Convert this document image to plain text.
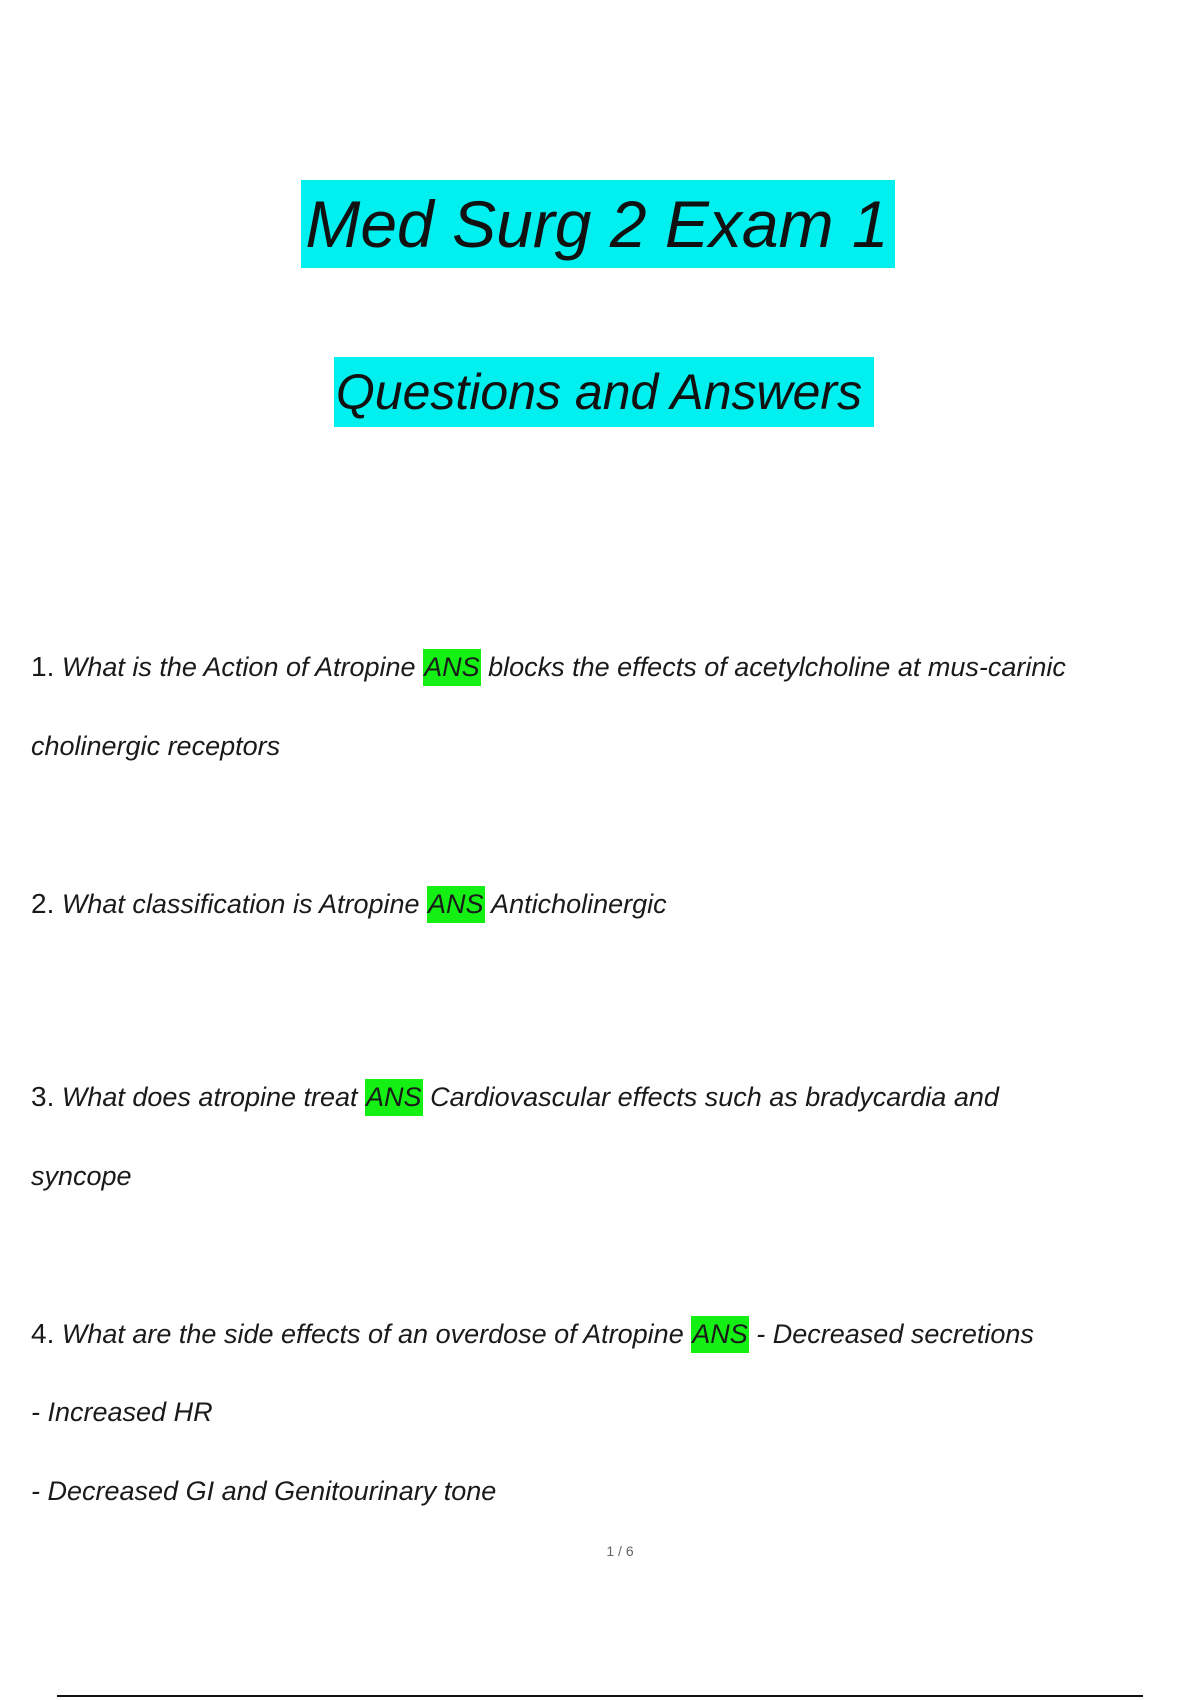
Med Surg 2 Exam 1
Questions and Answers
1. What is the Action of Atropine ANS blocks the effects of acetylcholine at mus-carinic
cholinergic receptors
2. What classification is Atropine ANS Anticholinergic
3. What does atropine treat ANS Cardiovascular effects such as bradycardia and
syncope
4. What are the side effects of an overdose of Atropine ANS - Decreased secretions
- Increased HR
- Decreased GI and Genitourinary tone
1 / 6
